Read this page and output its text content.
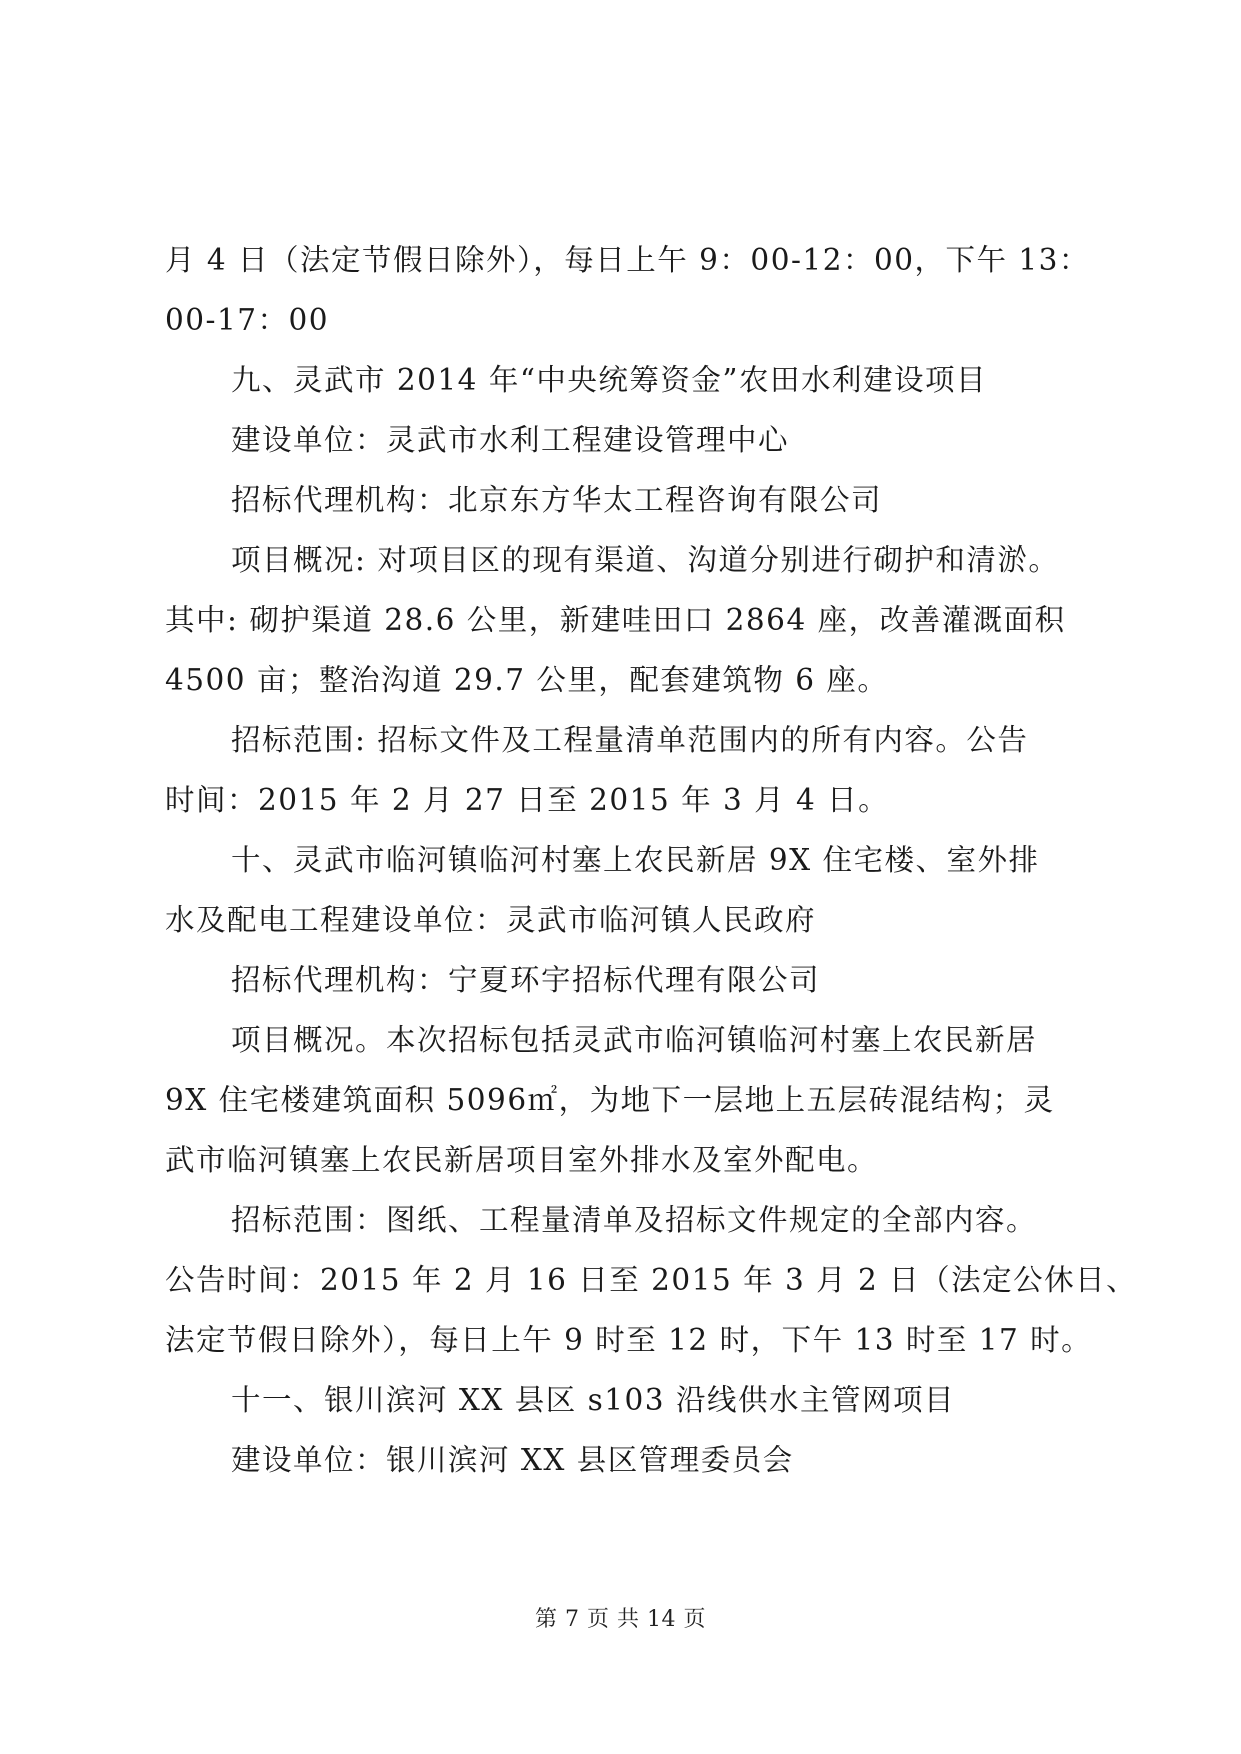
月 4 日（法定节假日除外），每日上午 9：00-12：00，下午 13：
00-17：00
九、灵武市 2014 年“中央统筹资金”农田水利建设项目
建设单位：灵武市水利工程建设管理中心
招标代理机构：北京东方华太工程咨询有限公司
项目概况: 对项目区的现有渠道、沟道分别进行砌护和清淤。
其中: 砌护渠道 28.6 公里，新建哇田口 2864 座，改善灌溉面积
4500 亩；整治沟道 29.7 公里，配套建筑物 6 座。
招标范围: 招标文件及工程量清单范围内的所有内容。公告
时间：2015 年 2 月 27 日至 2015 年 3 月 4 日。
十、灵武市临河镇临河村塞上农民新居 9X 住宅楼、室外排
水及配电工程建设单位：灵武市临河镇人民政府
招标代理机构：宁夏环宇招标代理有限公司
项目概况。本次招标包括灵武市临河镇临河村塞上农民新居
9X 住宅楼建筑面积 5096㎡，为地下一层地上五层砖混结构；灵
武市临河镇塞上农民新居项目室外排水及室外配电。
招标范围：图纸、工程量清单及招标文件规定的全部内容。
公告时间：2015 年 2 月 16 日至 2015 年 3 月 2 日（法定公休日、
法定节假日除外），每日上午 9 时至 12 时，下午 13 时至 17 时。
十一、银川滨河 XX 县区 s103 沿线供水主管网项目
建设单位：银川滨河 XX 县区管理委员会
第 7 页 共 14 页
